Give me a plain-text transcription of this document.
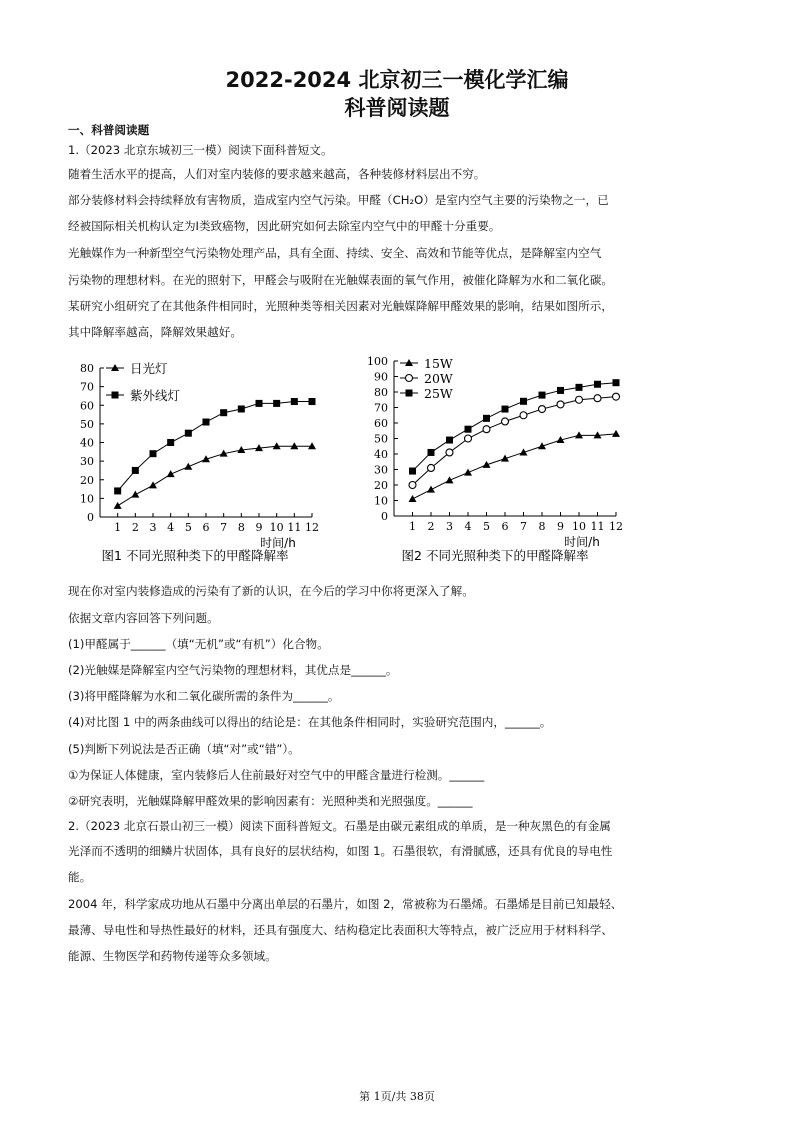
2022-2024 北京初三一模化学汇编
科普阅读题
一、科普阅读题
1.（2023 北京东城初三一模）阅读下面科普短文。
随着生活水平的提高，人们对室内装修的要求越来越高，各种装修材料层出不穷。
部分装修材料会持续释放有害物质，造成室内空气污染。甲醛（CH₂O）是室内空气主要的污染物之一，已
经被国际相关机构认定为I类致癌物，因此研究如何去除室内空气中的甲醛十分重要。
光触媒作为一种新型空气污染物处理产品，具有全面、持续、安全、高效和节能等优点，是降解室内空气
污染物的理想材料。在光的照射下，甲醛会与吸附在光触媒表面的氧气作用，被催化降解为水和二氧化碳。
某研究小组研究了在其他条件相同时，光照种类等相关因素对光触媒降解甲醛效果的影响，结果如图所示，
其中降解率越高，降解效果越好。
0
10
20
30
40
50
60
70
80
1 2 3 4 5 6 7 8 9 10 11 12
时间/h
日光灯
紫外线灯
图1 不同光照种类下的甲醛降解率
0
10
20
30
40
50
60
70
80
90
100
1 2 3 4 5 6 7 8 9 10 11 12
时间/h
15W
20W
25W
图2 不同光照种类下的甲醛降解率
现在你对室内装修造成的污染有了新的认识，在今后的学习中你将更深入了解。
依据文章内容回答下列问题。
(1)甲醛属于______（填“无机”或“有机”）化合物。
(2)光触媒是降解室内空气污染物的理想材料，其优点是______。
(3)将甲醛降解为水和二氧化碳所需的条件为______。
(4)对比图 1 中的两条曲线可以得出的结论是：在其他条件相同时，实验研究范围内，______。
(5)判断下列说法是否正确（填“对”或“错”）。
①为保证人体健康，室内装修后人住前最好对空气中的甲醛含量进行检测。______
②研究表明，光触媒降解甲醛效果的影响因素有：光照种类和光照强度。______
2.（2023 北京石景山初三一模）阅读下面科普短文。石墨是由碳元素组成的单质，是一种灰黑色的有金属
光泽而不透明的细鳞片状固体，具有良好的层状结构，如图 1。石墨很软，有滑腻感，还具有优良的导电性
能。
2004 年，科学家成功地从石墨中分离出单层的石墨片，如图 2，常被称为石墨烯。石墨烯是目前已知最轻、
最薄、导电性和导热性最好的材料，还具有强度大、结构稳定比表面积大等特点，被广泛应用于材料科学、
能源、生物医学和药物传递等众多领域。
第 1页/共 38页
